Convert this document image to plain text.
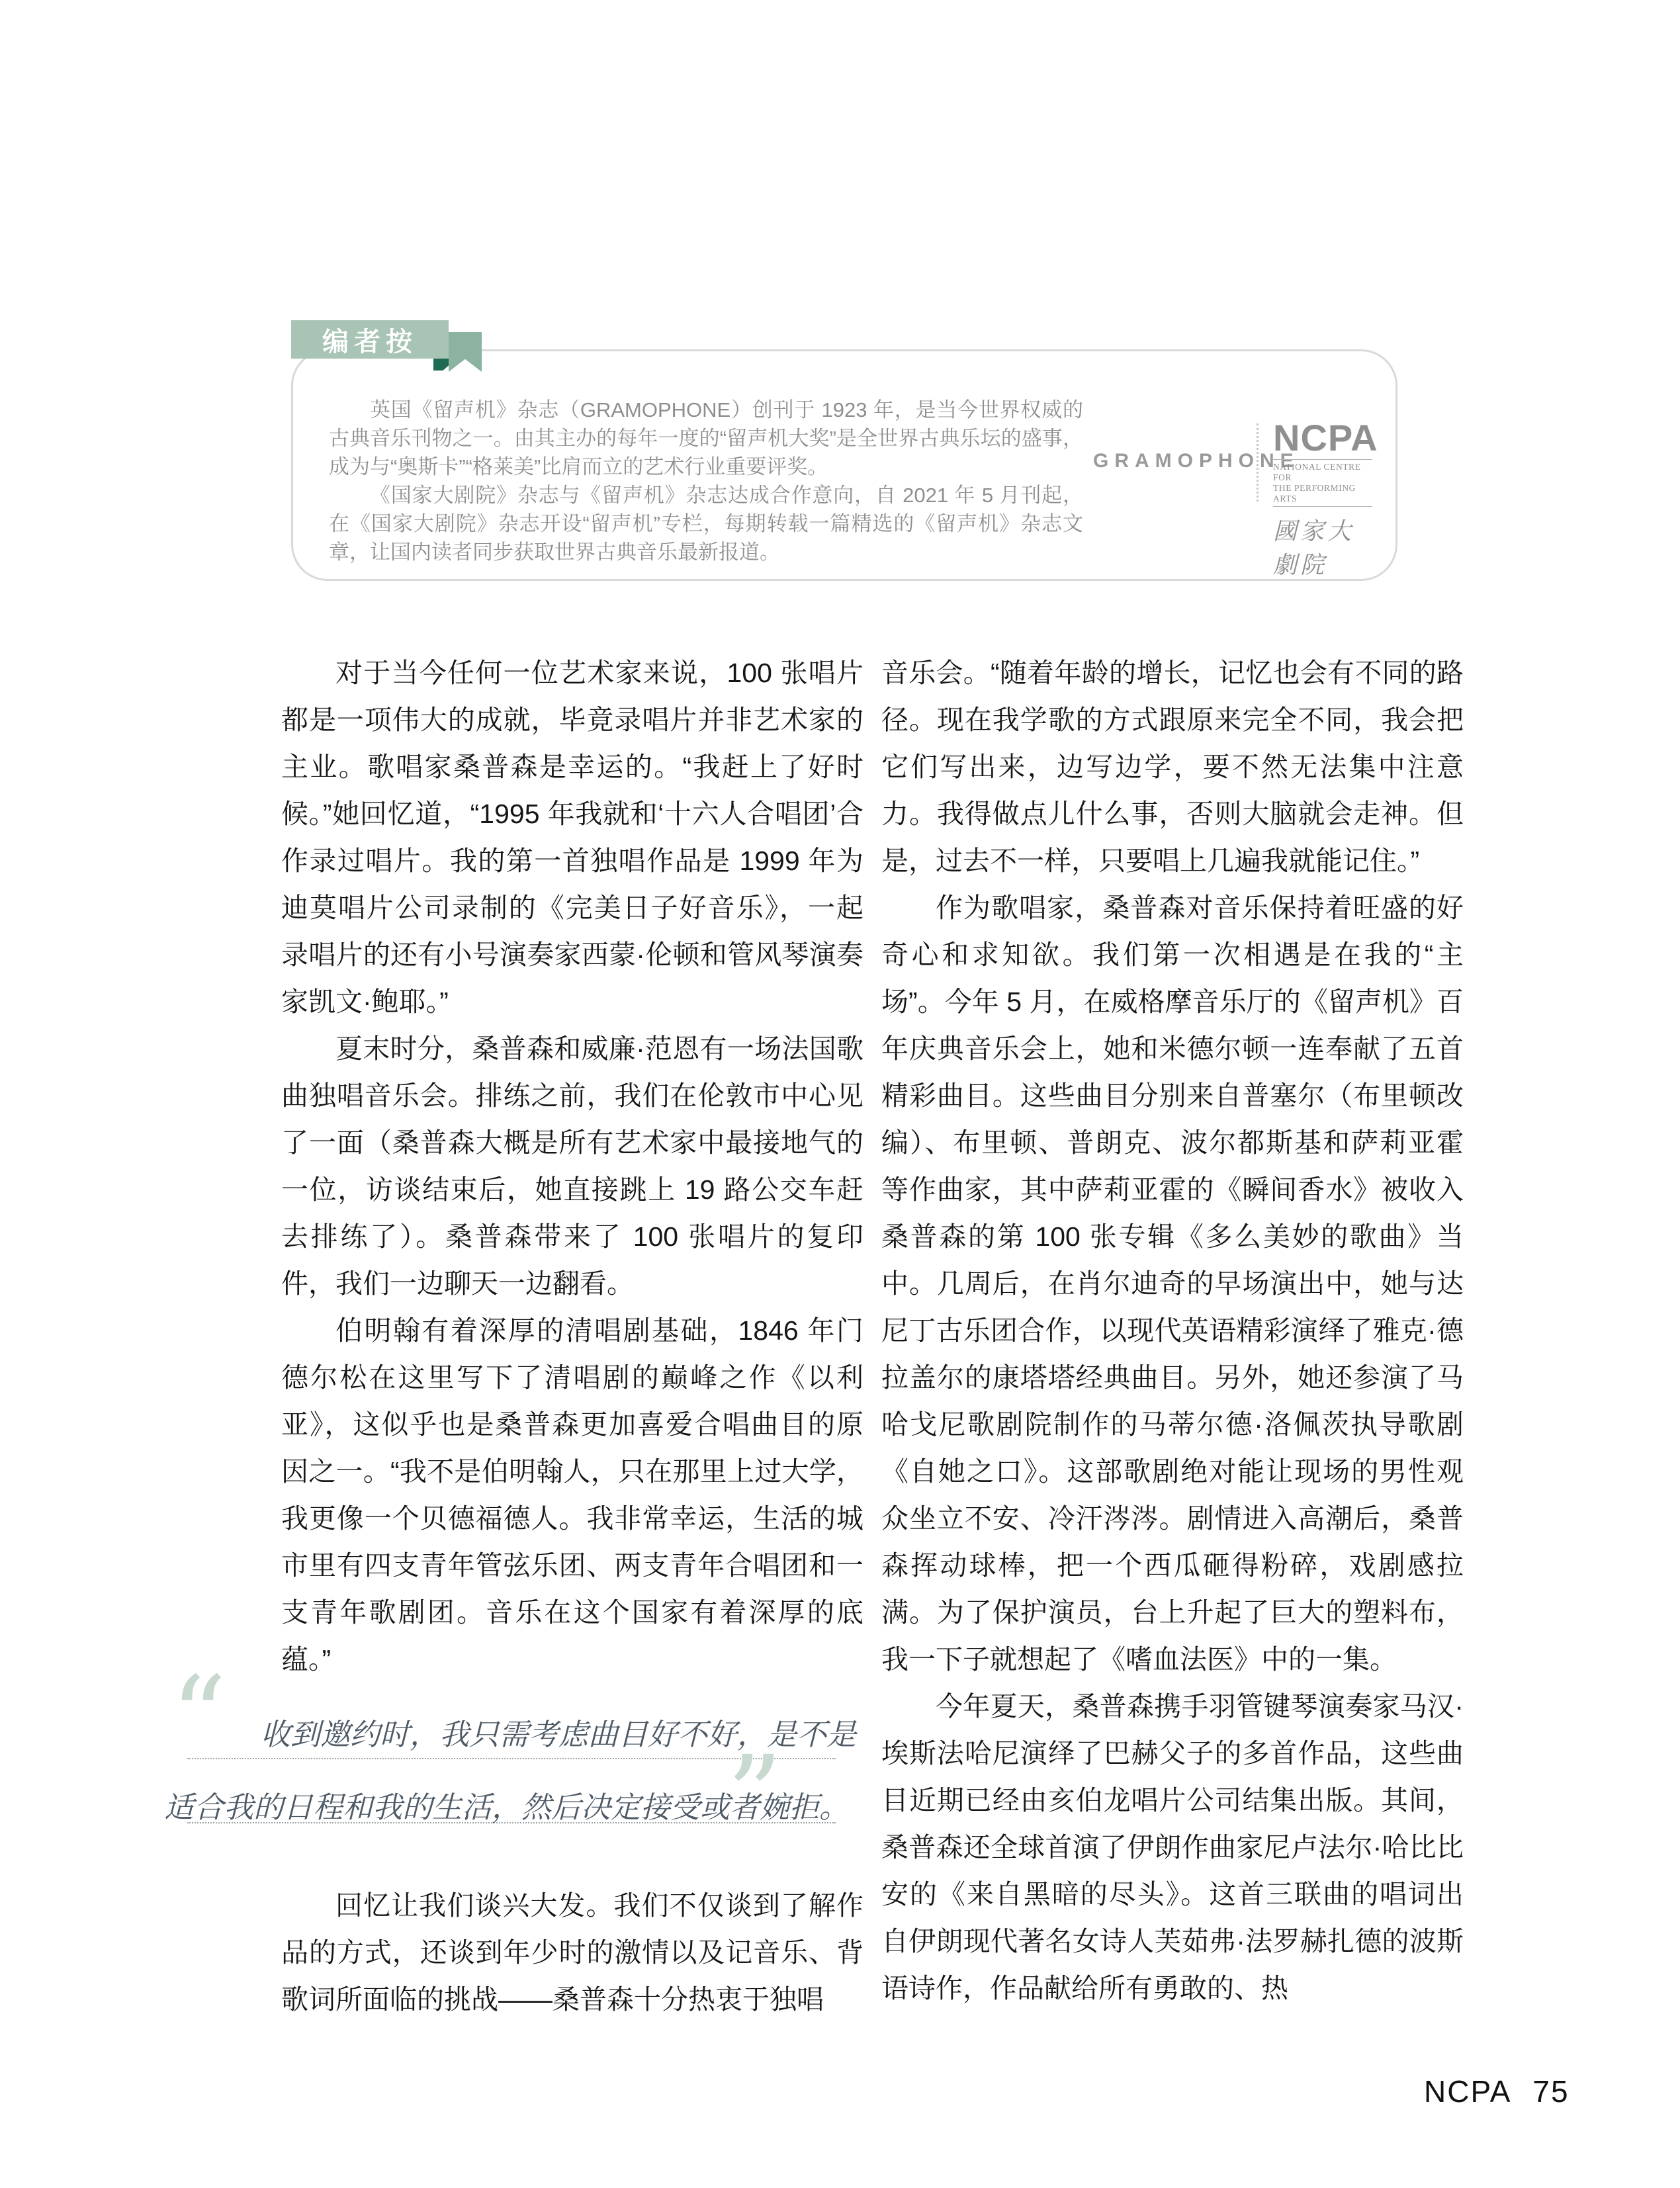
编者按

英国《留声机》杂志（GRAMOPHONE）创刊于 1923 年，是当今世界权威的古典音乐刊物之一。由其主办的每年一度的“留声机大奖”是全世界古典乐坛的盛事，成为与“奥斯卡”“格莱美”比肩而立的艺术行业重要评奖。

《国家大剧院》杂志与《留声机》杂志达成合作意向，自 2021 年 5 月刊起，在《国家大剧院》杂志开设“留声机”专栏，每期转载一篇精选的《留声机》杂志文章，让国内读者同步获取世界古典音乐最新报道。

GRAMOPHONE
NCPA
NATIONAL CENTRE FOR
THE PERFORMING ARTS
國家大劇院

对于当今任何一位艺术家来说，100 张唱片都是一项伟大的成就，毕竟录唱片并非艺术家的主业。歌唱家桑普森是幸运的。“我赶上了好时候。”她回忆道，“1995 年我就和‘十六人合唱团’合作录过唱片。我的第一首独唱作品是 1999 年为迪莫唱片公司录制的《完美日子好音乐》，一起录唱片的还有小号演奏家西蒙·伦顿和管风琴演奏家凯文·鲍耶。”

夏末时分，桑普森和威廉·范恩有一场法国歌曲独唱音乐会。排练之前，我们在伦敦市中心见了一面（桑普森大概是所有艺术家中最接地气的一位，访谈结束后，她直接跳上 19 路公交车赶去排练了）。桑普森带来了 100 张唱片的复印件，我们一边聊天一边翻看。

伯明翰有着深厚的清唱剧基础，1846 年门德尔松在这里写下了清唱剧的巅峰之作《以利亚》，这似乎也是桑普森更加喜爱合唱曲目的原因之一。“我不是伯明翰人，只在那里上过大学，我更像一个贝德福德人。我非常幸运，生活的城市里有四支青年管弦乐团、两支青年合唱团和一支青年歌剧团。音乐在这个国家有着深厚的底蕴。”

“
”
收到邀约时，我只需考虑曲目好不好，是不是
适合我的日程和我的生活，然后决定接受或者婉拒。

回忆让我们谈兴大发。我们不仅谈到了解作品的方式，还谈到年少时的激情以及记音乐、背歌词所面临的挑战——桑普森十分热衷于独唱

音乐会。“随着年龄的增长，记忆也会有不同的路径。现在我学歌的方式跟原来完全不同，我会把它们写出来，边写边学，要不然无法集中注意力。我得做点儿什么事，否则大脑就会走神。但是，过去不一样，只要唱上几遍我就能记住。”

作为歌唱家，桑普森对音乐保持着旺盛的好奇心和求知欲。我们第一次相遇是在我的“主场”。今年 5 月，在威格摩音乐厅的《留声机》百年庆典音乐会上，她和米德尔顿一连奉献了五首精彩曲目。这些曲目分别来自普塞尔（布里顿改编）、布里顿、普朗克、波尔都斯基和萨莉亚霍等作曲家，其中萨莉亚霍的《瞬间香水》被收入桑普森的第 100 张专辑《多么美妙的歌曲》当中。几周后，在肖尔迪奇的早场演出中，她与达尼丁古乐团合作，以现代英语精彩演绎了雅克·德拉盖尔的康塔塔经典曲目。另外，她还参演了马哈戈尼歌剧院制作的马蒂尔德·洛佩茨执导歌剧《自她之口》。这部歌剧绝对能让现场的男性观众坐立不安、冷汗涔涔。剧情进入高潮后，桑普森挥动球棒，把一个西瓜砸得粉碎，戏剧感拉满。为了保护演员，台上升起了巨大的塑料布，我一下子就想起了《嗜血法医》中的一集。

今年夏天，桑普森携手羽管键琴演奏家马汉·埃斯法哈尼演绎了巴赫父子的多首作品，这些曲目近期已经由亥伯龙唱片公司结集出版。其间，桑普森还全球首演了伊朗作曲家尼卢法尔·哈比比安的《来自黑暗的尽头》。这首三联曲的唱词出自伊朗现代著名女诗人芙茹弗·法罗赫扎德的波斯语诗作，作品献给所有勇敢的、热

NCPA 75
